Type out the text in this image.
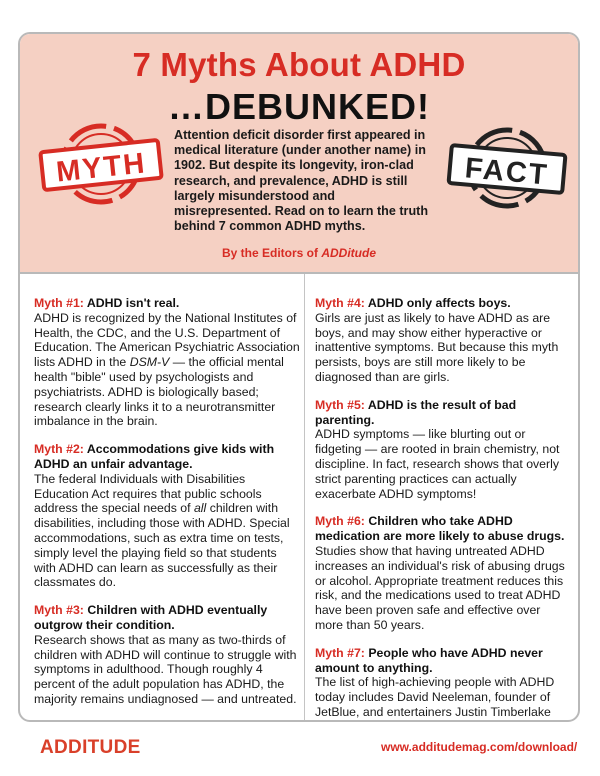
7 Myths About ADHD
…DEBUNKED!
MYTH	FACT

Attention deficit disorder first appeared in medical literature (under another name) in 1902. But despite its longevity, iron-clad research, and prevalence, ADHD is still largely misunderstood and misrepresented. Read on to learn the truth behind 7 common ADHD myths.

By the Editors of ADDitude
Myth #1: ADHD isn't real.

ADHD is recognized by the National Institutes of Health, the CDC, and the U.S. Department of Education. The American Psychiatric Association lists ADHD in the DSM-V — the official mental health "bible" used by psychologists and psychiatrists. ADHD is biologically based; research clearly links it to a neurotransmitter imbalance in the brain.

Myth #2: Accommodations give kids with ADHD an unfair advantage.

The federal Individuals with Disabilities Education Act requires that public schools address the special needs of all children with disabilities, including those with ADHD. Special accommodations, such as extra time on tests, simply level the playing field so that students with ADHD can learn as successfully as their classmates do.

Myth #3: Children with ADHD eventually outgrow their condition.

Research shows that as many as two-thirds of children with ADHD will continue to struggle with symptoms in adulthood. Though roughly 4 percent of the adult population has ADHD, the majority remains undiagnosed — and untreated.

Myth #4: ADHD only affects boys.

Girls are just as likely to have ADHD as are boys, and may show either hyperactive or inattentive symptoms. But because this myth persists, boys are still more likely to be diagnosed than are girls.

Myth #5: ADHD is the result of bad parenting.

ADHD symptoms — like blurting out or fidgeting — are rooted in brain chemistry, not discipline. In fact, research shows that overly strict parenting practices can actually exacerbate ADHD symptoms!

Myth #6: Children who take ADHD medication are more likely to abuse drugs.

Studies show that having untreated ADHD increases an individual's risk of abusing drugs or alcohol. Appropriate treatment reduces this risk, and the medications used to treat ADHD have been proven safe and effective over more than 50 years.

Myth #7: People who have ADHD never amount to anything.

The list of high-achieving people with ADHD today includes David Neeleman, founder of JetBlue, and entertainers Justin Timberlake

ADDITUDE	www.additudemag.com/download/
